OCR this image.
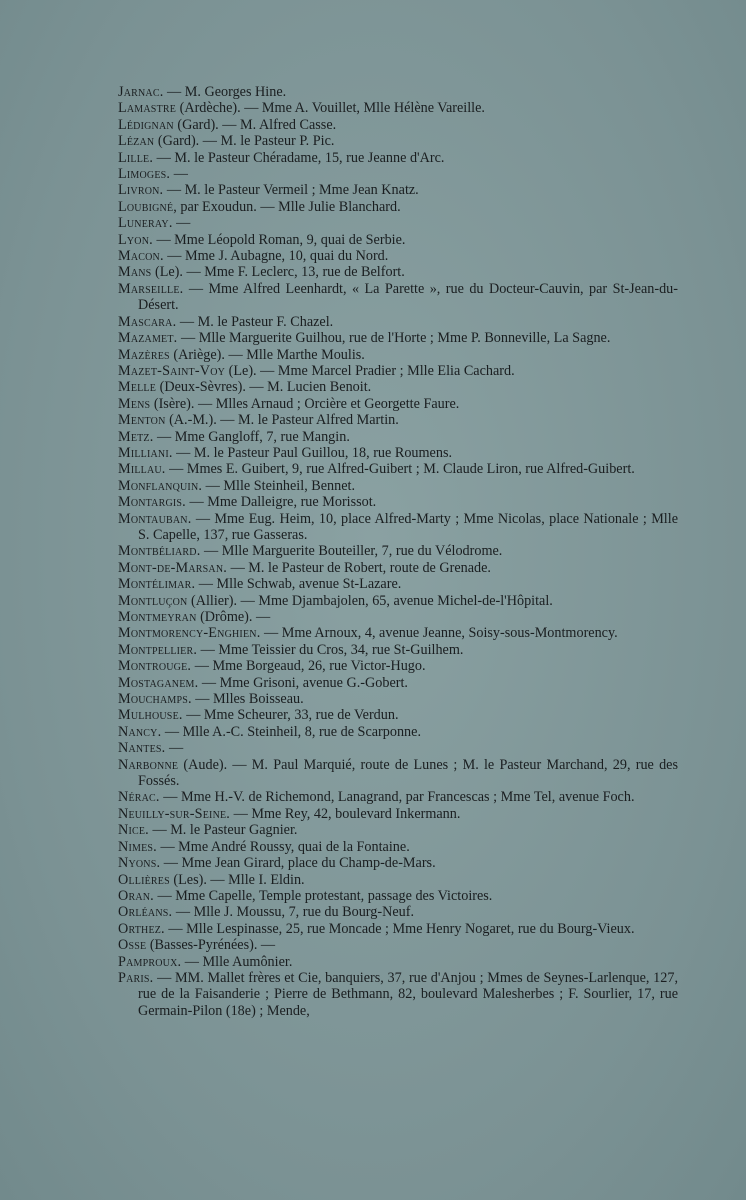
Jarnac. — M. Georges Hine.

Lamastre (Ardèche). — Mme A. Vouillet, Mlle Hélène Vareille.

Lédignan (Gard). — M. Alfred Casse.

Lézan (Gard). — M. le Pasteur P. Pic.

Lille. — M. le Pasteur Chéradame, 15, rue Jeanne d'Arc.

Limoges. —

Livron. — M. le Pasteur Vermeil ; Mme Jean Knatz.

Loubigné, par Exoudun. — Mlle Julie Blanchard.

Luneray. —

Lyon. — Mme Léopold Roman, 9, quai de Serbie.

Macon. — Mme J. Aubagne, 10, quai du Nord.

Mans (Le). — Mme F. Leclerc, 13, rue de Belfort.

Marseille. — Mme Alfred Leenhardt, « La Parette », rue du Docteur-Cauvin, par St-Jean-du-Désert.

Mascara. — M. le Pasteur F. Chazel.

Mazamet. — Mlle Marguerite Guilhou, rue de l'Horte ; Mme P. Bonneville, La Sagne.

Mazères (Ariège). — Mlle Marthe Moulis.

Mazet-Saint-Voy (Le). — Mme Marcel Pradier ; Mlle Elia Cachard.

Melle (Deux-Sèvres). — M. Lucien Benoit.

Mens (Isère). — Mlles Arnaud ; Orcière et Georgette Faure.

Menton (A.-M.). — M. le Pasteur Alfred Martin.

Metz. — Mme Gangloff, 7, rue Mangin.

Milliani. — M. le Pasteur Paul Guillou, 18, rue Roumens.

Millau. — Mmes E. Guibert, 9, rue Alfred-Guibert ; M. Claude Liron, rue Alfred-Guibert.

Monflanquin. — Mlle Steinheil, Bennet.

Montargis. — Mme Dalleigre, rue Morissot.

Montauban. — Mme Eug. Heim, 10, place Alfred-Marty ; Mme Nicolas, place Nationale ; Mlle S. Capelle, 137, rue Gasseras.

Montbéliard. — Mlle Marguerite Bouteiller, 7, rue du Vélodrome.

Mont-de-Marsan. — M. le Pasteur de Robert, route de Grenade.

Montélimar. — Mlle Schwab, avenue St-Lazare.

Montluçon (Allier). — Mme Djambajolen, 65, avenue Michel-de-l'Hôpital.

Montmeyran (Drôme). —

Montmorency-Enghien. — Mme Arnoux, 4, avenue Jeanne, Soisy-sous-Montmorency.

Montpellier. — Mme Teissier du Cros, 34, rue St-Guilhem.

Montrouge. — Mme Borgeaud, 26, rue Victor-Hugo.

Mostaganem. — Mme Grisoni, avenue G.-Gobert.

Mouchamps. — Mlles Boisseau.

Mulhouse. — Mme Scheurer, 33, rue de Verdun.

Nancy. — Mlle A.-C. Steinheil, 8, rue de Scarponne.

Nantes. —

Narbonne (Aude). — M. Paul Marquié, route de Lunes ; M. le Pasteur Marchand, 29, rue des Fossés.

Nérac. — Mme H.-V. de Richemond, Lanagrand, par Francescas ; Mme Tel, avenue Foch.

Neuilly-sur-Seine. — Mme Rey, 42, boulevard Inkermann.

Nice. — M. le Pasteur Gagnier.

Nimes. — Mme André Roussy, quai de la Fontaine.

Nyons. — Mme Jean Girard, place du Champ-de-Mars.

Ollières (Les). — Mlle I. Eldin.

Oran. — Mme Capelle, Temple protestant, passage des Victoires.

Orléans. — Mlle J. Moussu, 7, rue du Bourg-Neuf.

Orthez. — Mlle Lespinasse, 25, rue Moncade ; Mme Henry Nogaret, rue du Bourg-Vieux.

Osse (Basses-Pyrénées). —

Pamproux. — Mlle Aumônier.

Paris. — MM. Mallet frères et Cie, banquiers, 37, rue d'Anjou ; Mmes de Seynes-Larlenque, 127, rue de la Faisanderie ; Pierre de Bethmann, 82, boulevard Malesherbes ; F. Sourlier, 17, rue Germain-Pilon (18e) ; Mende,
